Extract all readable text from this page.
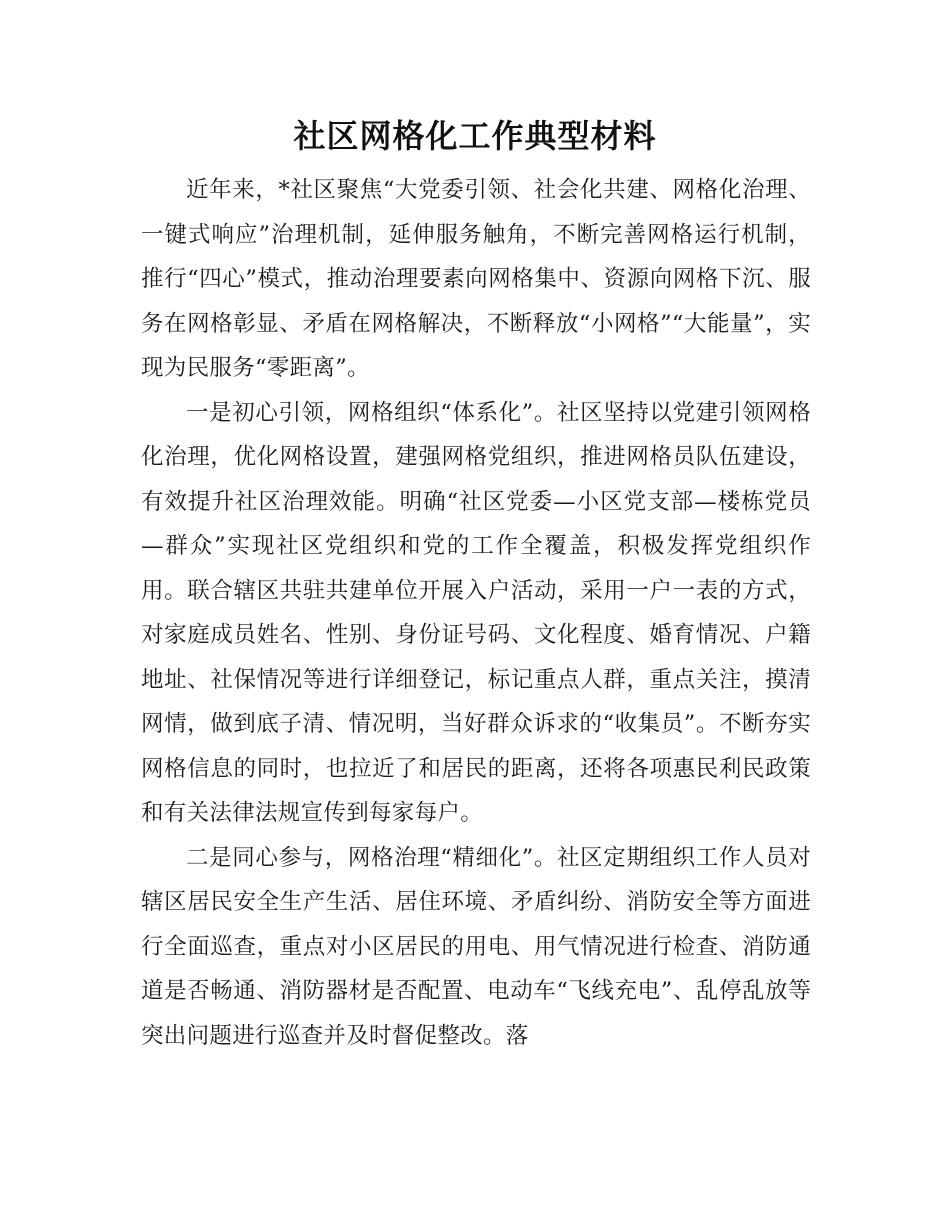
社区网格化工作典型材料

近年来，*社区聚焦“大党委引领、社会化共建、网格化治理、一键式响应”治理机制，延伸服务触角，不断完善网格运行机制，推行“四心”模式，推动治理要素向网格集中、资源向网格下沉、服务在网格彰显、矛盾在网格解决，不断释放“小网格”“大能量”，实现为民服务“零距离”。

一是初心引领，网格组织“体系化”。社区坚持以党建引领网格化治理，优化网格设置，建强网格党组织，推进网格员队伍建设，有效提升社区治理效能。明确“社区党委—小区党支部—楼栋党员—群众”实现社区党组织和党的工作全覆盖，积极发挥党组织作用。联合辖区共驻共建单位开展入户活动，采用一户一表的方式，对家庭成员姓名、性别、身份证号码、文化程度、婚育情况、户籍地址、社保情况等进行详细登记，标记重点人群，重点关注，摸清网情，做到底子清、情况明，当好群众诉求的“收集员”。不断夯实网格信息的同时，也拉近了和居民的距离，还将各项惠民利民政策和有关法律法规宣传到每家每户。

二是同心参与，网格治理“精细化”。社区定期组织工作人员对辖区居民安全生产生活、居住环境、矛盾纠纷、消防安全等方面进行全面巡查，重点对小区居民的用电、用气情况进行检查、消防通道是否畅通、消防器材是否配置、电动车“飞线充电”、乱停乱放等突出问题进行巡查并及时督促整改。落
